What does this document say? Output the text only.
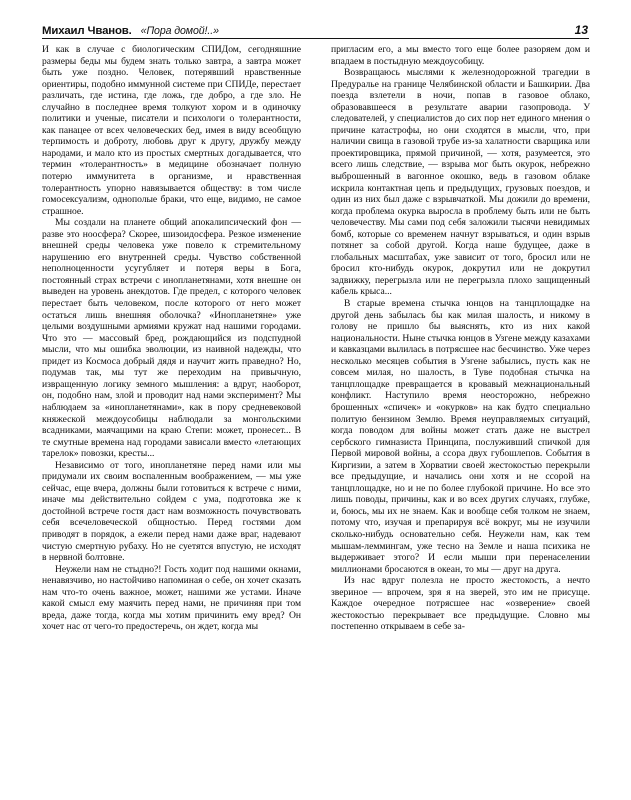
Михаил Чванов. «Пора домой!..»	13

И как в случае с биологическим СПИДом, сегодняшние размеры беды мы будем знать только завтра, а завтра может быть уже поздно. Человек, потерявший нравственные ориентиры, подобно иммунной системе при СПИДе, перестает различать, где истина, где ложь, где добро, а где зло. Не случайно в последнее время толкуют хором и в одиночку политики и ученые, писатели и психологи о толерантности, как панацее от всех человеческих бед, имея в виду всеобщую терпимость и доброту, любовь друг к другу, дружбу между народами, и мало кто из простых смертных догадывается, что термин «толерантность» в медицине обозначает полную потерю иммунитета в организме, и нравственная толерантность упорно навязывается обществу: в том числе гомосексуализм, однополые браки, что еще, видимо, не самое страшное.

Мы создали на планете общий апокалипсический фон — разве это ноосфера? Скорее, шизоидосфера. Резкое изменение внешней среды человека уже повело к стремительному нарушению его внутренней среды. Чувство собственной неполноценности усугубляет и потеря веры в Бога, постоянный страх встречи с инопланетянами, хотя внешне он выведен на уровень анекдотов. Где предел, с которого человек перестает быть человеком, после которого от него может остаться лишь внешняя оболочка? «Инопланетяне» уже целыми воздушными армиями кружат над нашими городами. Что это — массовый бред, рождающийся из подспудной мысли, что мы ошибка эволюции, из наивной надежды, что придет из Космоса добрый дядя и научит жить праведно? Но, подумав так, мы тут же переходим на привычную, извращенную логику земного мышления: а вдруг, наоборот, он, подобно нам, злой и проводит над нами эксперимент? Мы наблюдаем за «инопланетянами», как в пору средневековой княжеской междоусобицы наблюдали за монгольскими всадниками, маячащими на краю Степи: может, пронесет... В те смутные времена над городами зависали вместо «летающих тарелок» повозки, кресты...

Независимо от того, инопланетяне перед нами или мы придумали их своим воспаленным воображением, — мы уже сейчас, еще вчера, должны были готовиться к встрече с ними, иначе мы действительно сойдем с ума, подготовка же к достойной встрече гостя даст нам возможность почувствовать себя всечеловеческой общностью. Перед гостями дом приводят в порядок, а ежели перед нами даже враг, надевают чистую смертную рубаху. Но не суетятся впустую, не исходят в нервной болтовне.

Неужели нам не стыдно?! Гость ходит под нашими окнами, ненавязчиво, но настойчиво напоминая о себе, он хочет сказать нам что-то очень важное, может, нашими же устами. Иначе какой смысл ему маячить перед нами, не причиняя при том вреда, даже тогда, когда мы хотим причинить ему вред? Он хочет нас от чего-то предостеречь, он ждет, когда мы

пригласим его, а мы вместо того еще более разоряем дом и впадаем в постыдную междоусобицу.

Возвращаюсь мыслями к железнодорожной трагедии в Предуралье на границе Челябинской области и Башкирии. Два поезда взлетели в ночи, попав в газовое облако, образовавшееся в результате аварии газопровода. У следователей, у специалистов до сих пор нет единого мнения о причине катастрофы, но они сходятся в мысли, что, при наличии свища в газовой трубе из-за халатности сварщика или проектировщика, прямой причиной, — хотя, разумеется, это всего лишь следствие, — взрыва мог быть окурок, небрежно выброшенный в вагонное окошко, ведь в газовом облаке искрила контактная цепь и предыдущих, грузовых поездов, и один из них был даже с взрывчаткой. Мы дожили до времени, когда проблема окурка выросла в проблему быть или не быть человечеству. Мы сами под себя заложили тысячи невидимых бомб, которые со временем начнут взрываться, и один взрыв потянет за собой другой. Когда наше будущее, даже в глобальных масштабах, уже зависит от того, бросил или не бросил кто-нибудь окурок, докрутил или не докрутил задвижку, перегрызла или не перегрызла плохо защищенный кабель крыса...

В старые времена стычка юнцов на танцплощадке на другой день забылась бы как милая шалость, и никому в голову не пришло бы выяснять, кто из них какой национальности. Ныне стычка юнцов в Узгене между казахами и кавказцами вылилась в потрясшее нас бесчинство. Уже через несколько месяцев события в Узгене забылись, пусть как не совсем милая, но шалость, в Туве подобная стычка на танцплощадке превращается в кровавый межнациональный конфликт. Наступило время неосторожно, небрежно брошенных «спичек» и «окурков» на как будто специально политую бензином Землю. Время неуправляемых ситуаций, когда поводом для войны может стать даже не выстрел сербского гимназиста Принципа, послуживший спичкой для Первой мировой войны, а ссора двух губошлепов. События в Киргизии, а затем в Хорватии своей жестокостью перекрыли все предыдущие, и начались они хотя и не ссорой на танцплощадке, но и не по более глубокой причине. Но все это лишь поводы, причины, как и во всех других случаях, глубже, и, боюсь, мы их не знаем. Как и вообще себя толком не знаем, потому что, изучая и препарируя всё вокруг, мы не изучили сколько-нибудь основательно себя. Неужели нам, как тем мышам-леммингам, уже тесно на Земле и наша психика не выдерживает этого? И если мыши при перенаселении миллионами бросаются в океан, то мы — друг на друга.

Из нас вдруг полезла не просто жестокость, а нечто звериное — впрочем, зря я на зверей, это им не присуще. Каждое очередное потрясшее нас «озверение» своей жестокостью перекрывает все предыдущие. Словно мы постепенно открываем в себе за-
